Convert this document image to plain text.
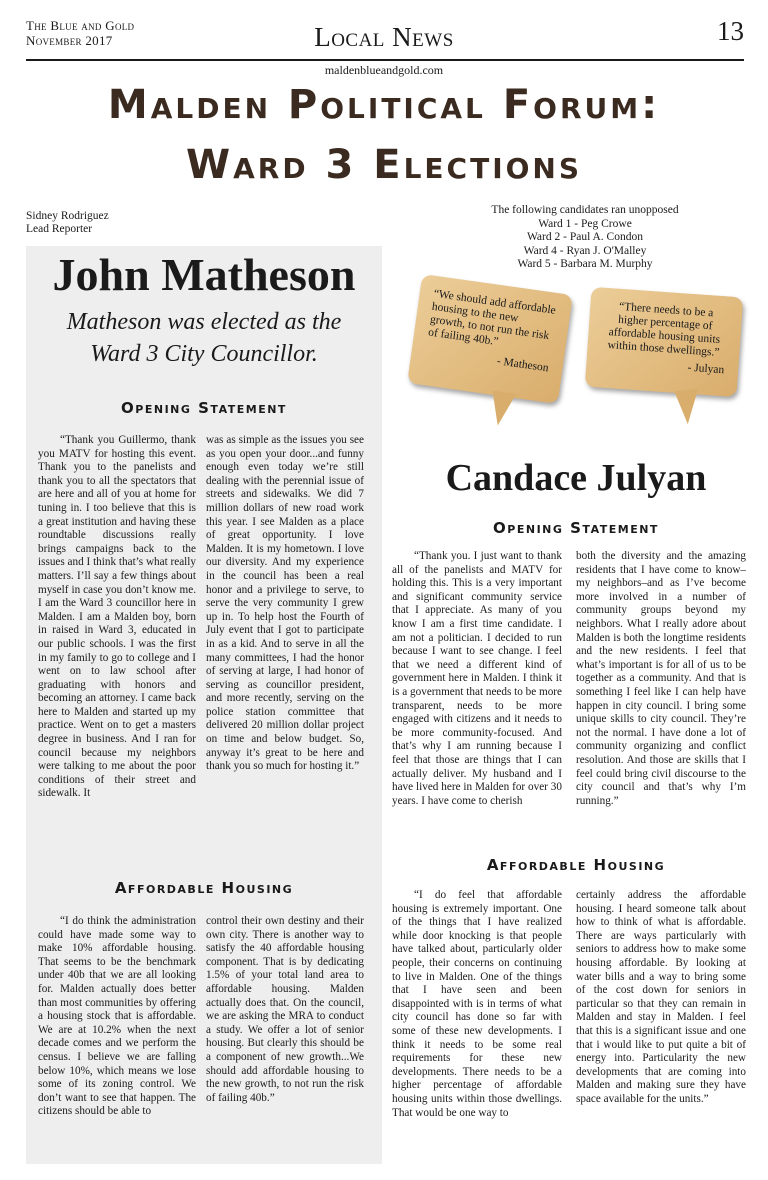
The Blue and Gold
November 2017	Local News	13
maldenblueandgold.com
Malden Political Forum:
Ward 3 Elections
Sidney Rodriguez
Lead Reporter
The following candidates ran unopposed
Ward 1 - Peg Crowe
Ward 2 - Paul A. Condon
Ward 4 - Ryan J. O'Malley
Ward 5 - Barbara M. Murphy
John Matheson
Matheson was elected as the
Ward 3 City Councillor.
Opening Statement
“Thank you Guillermo, thank you MATV for hosting this event. Thank you to the panelists and thank you to all the spectators that are here and all of you at home for tuning in. I too believe that this is a great institution and having these roundtable discussions really brings campaigns back to the issues and I think that’s what really matters. I’ll say a few things about myself in case you don’t know me. I am the Ward 3 councillor here in Malden. I am a Malden boy, born in raised in Ward 3, educated in our public schools. I was the first in my family to go to college and I went on to law school after graduating with honors and becoming an attorney. I came back here to Malden and started up my practice. Went on to get a masters degree in business. And I ran for council because my neighbors were talking to me about the poor conditions of their street and sidewalk. It
was as simple as the issues you see as you open your door...and funny enough even today we’re still dealing with the perennial issue of streets and sidewalks. We did 7 million dollars of new road work this year. I see Malden as a place of great opportunity. I love Malden. It is my hometown. I love our diversity. And my experience in the council has been a real honor and a privilege to serve, to serve the very community I grew up in. To help host the Fourth of July event that I got to participate in as a kid. And to serve in all the many committees, I had the honor of serving at large, I had honor of serving as councillor president, and more recently, serving on the police station committee that delivered 20 million dollar project on time and below budget. So, anyway it’s great to be here and thank you so much for hosting it.”
Affordable Housing
“I do think the administration could have made some way to make 10% affordable housing. That seems to be the benchmark under 40b that we are all looking for. Malden actually does better than most communities by offering a housing stock that is affordable. We are at 10.2% when the next decade comes and we perform the census. I believe we are falling below 10%, which means we lose some of its zoning control. We don’t want to see that happen. The citizens should be able to
control their own destiny and their own city. There is another way to satisfy the 40 affordable housing component. That is by dedicating 1.5% of your total land area to affordable housing. Malden actually does that. On the council, we are asking the MRA to conduct a study. We offer a lot of senior housing. But clearly this should be a component of new growth...We should add affordable housing to the new growth, to not run the risk of failing 40b.”
“We should add affordable housing to the new growth, to not run the risk of failing 40b.”
- Matheson
“There needs to be a higher percentage of affordable housing units within those dwellings.”
- Julyan
Candace Julyan
Opening Statement
“Thank you. I just want to thank all of the panelists and MATV for holding this. This is a very important and significant community service that I appreciate. As many of you know I am a first time candidate. I am not a politician. I decided to run because I want to see change. I feel that we need a different kind of government here in Malden. I think it is a government that needs to be more transparent, needs to be more engaged with citizens and it needs to be more community-focused. And that’s why I am running because I feel that those are things that I can actually deliver. My husband and I have lived here in Malden for over 30 years. I have come to cherish
both the diversity and the amazing residents that I have come to know–my neighbors–and as I’ve become more involved in a number of community groups beyond my neighbors. What I really adore about Malden is both the longtime residents and the new residents. I feel that what’s important is for all of us to be together as a community. And that is something I feel like I can help have happen in city council. I bring some unique skills to city council. They’re not the normal. I have done a lot of community organizing and conflict resolution. And those are skills that I feel could bring civil discourse to the city council and that’s why I’m running.”
Affordable Housing
“I do feel that affordable housing is extremely important. One of the things that I have realized while door knocking is that people have talked about, particularly older people, their concerns on continuing to live in Malden. One of the things that I have seen and been disappointed with is in terms of what city council has done so far with some of these new developments. I think it needs to be some real requirements for these new developments. There needs to be a higher percentage of affordable housing units within those dwellings. That would be one way to
certainly address the affordable housing. I heard someone talk about how to think of what is affordable. There are ways particularly with seniors to address how to make some housing affordable. By looking at water bills and a way to bring some of the cost down for seniors in particular so that they can remain in Malden and stay in Malden. I feel that this is a significant issue and one that i would like to put quite a bit of energy into. Particularity the new developments that are coming into Malden and making sure they have space available for the units.”
